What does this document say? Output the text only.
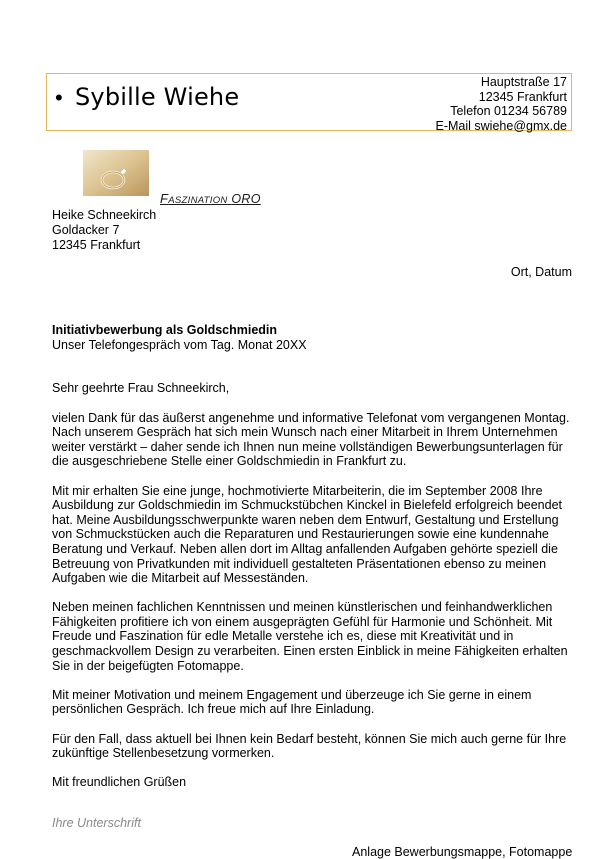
• Sybille Wiehe
Hauptstraße 17
12345 Frankfurt
Telefon 01234 56789
E-Mail swiehe@gmx.de
FASZINATION ORO
Heike Schneekirch
Goldacker 7
12345 Frankfurt
Ort, Datum

Initiativbewerbung als Goldschmiedin

Unser Telefongespräch vom Tag. Monat 20XX

Sehr geehrte Frau Schneekirch,

vielen Dank für das äußerst angenehme und informative Telefonat vom vergangenen Montag. Nach unserem Gespräch hat sich mein Wunsch nach einer Mitarbeit in Ihrem Unternehmen weiter verstärkt – daher sende ich Ihnen nun meine vollständigen Bewerbungsunterlagen für die ausgeschriebene Stelle einer Goldschmiedin in Frankfurt zu.

Mit mir erhalten Sie eine junge, hochmotivierte Mitarbeiterin, die im September 2008 Ihre Ausbildung zur Goldschmiedin im Schmuckstübchen Kinckel in Bielefeld erfolgreich beendet hat. Meine Ausbildungsschwerpunkte waren neben dem Entwurf, Gestaltung und Erstellung von Schmuckstücken auch die Reparaturen und Restaurierungen sowie eine kundennahe Beratung und Verkauf. Neben allen dort im Alltag anfallenden Aufgaben gehörte speziell die Betreuung von Privatkunden mit individuell gestalteten Präsentationen ebenso zu meinen Aufgaben wie die Mitarbeit auf Messeständen.

Neben meinen fachlichen Kenntnissen und meinen künstlerischen und feinhandwerklichen Fähigkeiten profitiere ich von einem ausgeprägten Gefühl für Harmonie und Schönheit. Mit Freude und Faszination für edle Metalle verstehe ich es, diese mit Kreativität und in geschmackvollem Design zu verarbeiten. Einen ersten Einblick in meine Fähigkeiten erhalten Sie in der beigefügten Fotomappe.

Mit meiner Motivation und meinem Engagement und überzeuge ich Sie gerne in einem persönlichen Gespräch. Ich freue mich auf Ihre Einladung.

Für den Fall, dass aktuell bei Ihnen kein Bedarf besteht, können Sie mich auch gerne für Ihre zukünftige Stellenbesetzung vormerken.

Mit freundlichen Grüßen

Ihre Unterschrift
Anlage Bewerbungsmappe, Fotomappe
